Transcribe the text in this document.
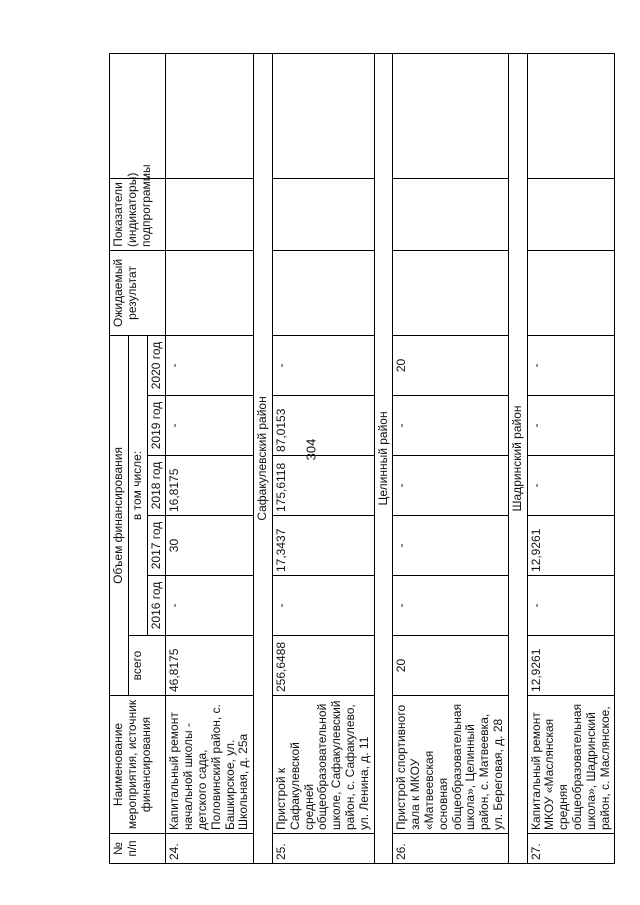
304
№ п/п	Наименование мероприятия, источник финансирования	Объем финансирования						Ожидаемый результат	Показатели (индикаторы) подпрограммы	
		всего	в том числе:							
			2016 год	2017 год	2018 год	2019 год	2020 год			
24.	Капитальный ремонт начальной школы - детского сада, Половинский район, с. Башкирское, ул. Школьная, д. 25а	46,8175	-	30	16,8175	-	-			
Сафакулевский район										
25.	Пристрой к Сафакулевской средней общеобразовательной школе, Сафакулевский район, с. Сафакулево, ул. Ленина, д. 11	256,6488	-	17,3437	175,6118	87,0153	-			
Целинный район										
26.	Пристрой спортивного зала к МКОУ «Матвеевская основная общеобразовательная школа», Целинный район, с. Матвеевка, ул. Береговая, д. 28	20	-	-	-	-	20			
Шадринский район										
27.	Капитальный ремонт МКОУ «Маслянская средняя общеобразовательная школа», Шадринский район, с. Маслянское,	12,9261	-	12,9261	-	-	-			
